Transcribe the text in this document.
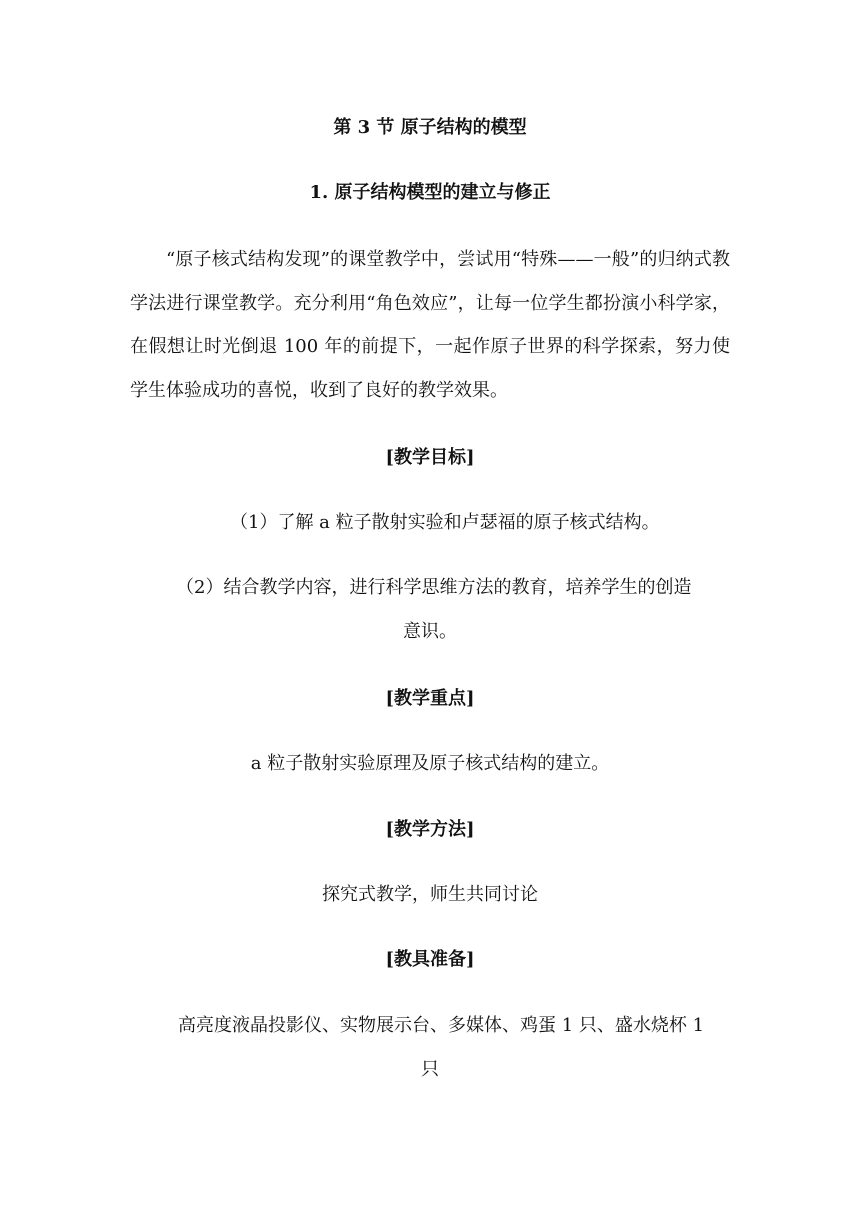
第 3 节 原子结构的模型
1. 原子结构模型的建立与修正
“原子核式结构发现”的课堂教学中，尝试用“特殊——一般”的归纳式教学法进行课堂教学。充分利用“角色效应”，让每一位学生都扮演小科学家，在假想让时光倒退 100 年的前提下，一起作原子世界的科学探索，努力使学生体验成功的喜悦，收到了良好的教学效果。
[教学目标]
（1）了解 a 粒子散射实验和卢瑟福的原子核式结构。
（2）结合教学内容，进行科学思维方法的教育，培养学生的创造
意识。
[教学重点]
a 粒子散射实验原理及原子核式结构的建立。
[教学方法]
探究式教学，师生共同讨论
[教具准备]
高亮度液晶投影仪、实物展示台、多媒体、鸡蛋 1 只、盛水烧杯 1
只
